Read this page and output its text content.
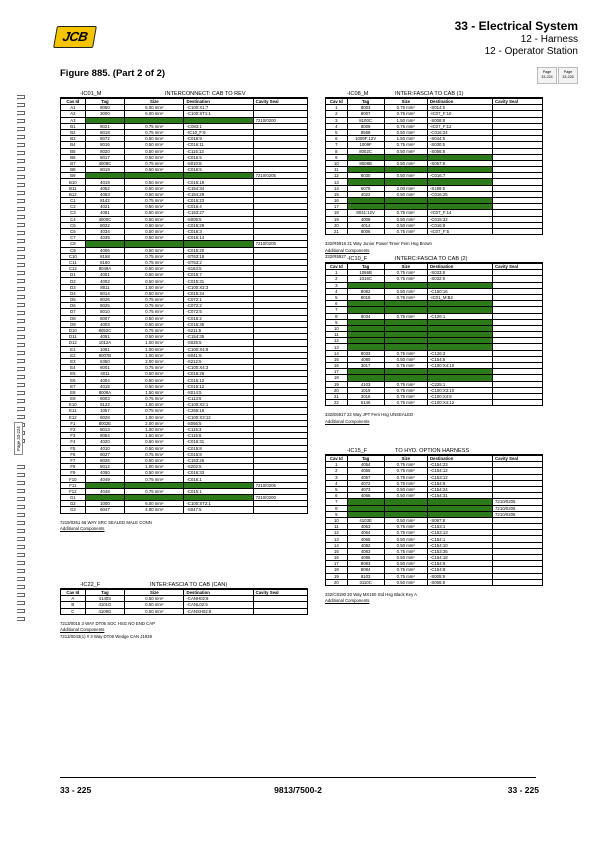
JCB
33 - Electrical System
12 - Harness
12 - Operator Station
Figure 885. (Part 2 of 2)	Page
33-224
Page
33-226
Page 33-224
-IC01_M	INTERCONNECT: CAB TO REV
Cav Id	Tag	Size	Destination	Cavity Seal
A1	8050	6.00 mm²	-C100:X1:7	
A2	3000	6.00 mm²	-C100:ST1:1	
A3				7210/0200
B1	8021	0.75 mm²	-C083:1	
B2	8018	0.75 mm²	-IC10_F:9	
B3	8072	0.50 mm²	-C016:9	
B4	8016	0.50 mm²	-C016:11	
B5	8020	0.50 mm²	-C115:13	
B6	8017	0.50 mm²	-C016:5	
B7	4008C	0.75 mm²	-S010:8	
B8	8019	0.50 mm²	-C016:5	
B9				7210/0205
B10	4019	0.50 mm²	-C016:19	
B11	4052	0.50 mm²	-C154:34	
B12	4053	0.50 mm²	-C154:29	
C1	8142	0.75 mm²	-C016:23	
C2	4021	0.50 mm²	-C016:4	
C3	4081	0.50 mm²	-C153:27	
C4	4000C	0.50 mm²	-S009:5	
C5	8022	0.50 mm²	-C016:29	
C6	4034	0.50 mm²	-C016:3	
C7	4035	0.50 mm²	-C016:14	
C8				7210/0205
C9	4006	0.50 mm²	-C015:20	
C10	8158	0.75 mm²	-ST63:18	
C11	8160	0.75 mm²	-ST63:2	
C12	8049A	0.50 mm²	-S163:5	
D1	4001	0.50 mm²	-C015:7	
D2	4002	0.50 mm²	-C015:31	
D3	8011	1.00 mm²	-C100:X2:3	
D4	8014	0.50 mm²	-C015:24	
D5	8026	0.75 mm²	-C072:1	
D6	8025	0.75 mm²	-C072:2	
D7	8010	0.75 mm²	-C072:5	
D8	8007	0.50 mm²	-C016:2	
D9	4003	0.50 mm²	-C016:35	
D10	8052C	0.75 mm²	-S211:5	
D11	4051	0.50 mm²	-C154:35	
D12	1012A	1.00 mm²	-S025:5	
E1	1061	1.00 mm²	-C100:X4:8	
E2	8007B	1.00 mm²	-S041:8	
E3	6350	2.00 mm²	-S212:5	
E4	8001	0.75 mm²	-C100:X4:3	
E5	4011	0.50 mm²	-C016:26	
E6	4004	0.50 mm²	-C016:12	
E7	4015	0.50 mm²	-C015:12	
E8	8008A	1.50 mm²	-S014:5	
E9	8003	0.75 mm²	-C113:6	
E10	8122	1.00 mm²	-C100:X2:1	
E11	1057	0.75 mm²	-C266:16	
E12	8028	1.00 mm²	-C100:X3:12	
F1	8002E	2.00 mm²	-S056:5	
F2	8013	1.00 mm²	-C115:3	
F3	8054	1.50 mm²	-C115:8	
F4	4020	0.50 mm²	-C016:31	
F5	4010	0.50 mm²	-C015:8	
F6	8027	0.75 mm²	-C015:8	
F7	8026	0.50 mm²	-C153:26	
F8	8012	1.00 mm²	-S202:5	
F9	4050	0.50 mm²	-C016:33	
F10	4049	0.75 mm²	-C016:1	
F11				7210/0205
F12	4048	0.75 mm²	-C015:1	
G1				7210/0200
G2	1000	6.00 mm²	-C100:ST2:1	
G3	6047	4.00 mm²	-S047:5	
7219/0261 66 WAY SRC SEALED MALE CONN
Additional Components
-IC22_F	INTER:FASCIA TO CAB (CAN)
Cav Id	Tag	Size	Destination	Cavity Seal
A	4140S	0.50 mm²	-CANH02:8	
B	4101G	0.50 mm²	-CANL02:5	
C	4109G	0.50 mm²	-CANSH02:8	
7213/0015 3 WAY DT06 SOC HSG NO END CAP
Additional Components
7213/0043(1) # 3 Way DT06 Wedge CAN J1939
-IC08_M	INTER:FASCIA TO CAB (1)
Cav Id	Tag	Size	Destination	Cavity Seal
1	8003	0.75 mm²	-S014:5	
2	8007	0.75 mm²	-IC07_F:10	
3	8100C	1.50 mm²	-S008:8	
4	8009	0.75 mm²	-IC07_F:12	
5	8558	0.50 mm²	-C016:24	
6	1009F:12V	1.50 mm²	-S044:5	
7	1009F	0.75 mm²	-S030:5	
8	8002C	0.50 mm²	-S056:8	
9				
10	8008B	0.50 mm²	-S057:8	
11				
12	8030	0.50 mm²	-C016:7	
13				
14	6075	2.00 mm²	-S199:5	
15	4022	0.50 mm²	-C016:25	
16				
17				
18	8041:12V	0.75 mm²	-IC07_F:14	
19	4008	0.50 mm²	-C015:32	
20	4014	0.50 mm²	-C016:8	
21	8006	0.75 mm²	-IC07_F:5	
332/R5916 21 Way Junior Power Timer Fem Hsg Brown
Additional Components
332/R5927 -IC10_F	INTERC:FASCIA TO CAB (2)
Cav Id	Tag	Size	Destination	Cavity Seal
1	1066B	0.75 mm²	-S033:8	
2	1016C	0.75 mm²	-S032:9	
3				
4	8082	0.50 mm²	-C150:16	
5	8018	0.75 mm²	-IC01_M:B2	
6				
7				
8	8034	0.75 mm²	-C126:1	
9				
10				
11				
12				
13				
14	8033	0.75 mm²	-C126:3	
15	4080	0.50 mm²	-C154:6	
16	3017	0.75 mm²	-C100:X4:10	
17				
18				
19	4103	0.75 mm²	-C225:1	
20	1019	0.75 mm²	-C100:X3:10	
21	3016	0.75 mm²	-C100:X4:8	
22	6146	0.75 mm²	-C100:X4:12	
332/E6917 22 Way JPT Fem Hsg UNSEALED
Additional Components
-IC15_F	TO HYD. OPTION HARNESS
Cav Id	Tag	Size	Destination	Cavity Seal
1	4054	0.75 mm²	-C154:23	
2	4055	0.75 mm²	-C154:12	
3	4057	0.75 mm²	-C153:12	
4	4072	0.75 mm²	-C154:9	
5	4073	0.50 mm²	-C154:24	
6	4066	0.50 mm²	-C154:31	
7				7210/0205
8				7210/0205
9				7210/0205
10	4103E	0.50 mm²	-S087:8	
11	4063	0.75 mm²	-C153:1	
12	4064	0.75 mm²	-C153:13	
13	4065	0.50 mm²	-C154:1	
14	4082	0.50 mm²	-C154:10	
15	4083	0.75 mm²	-C153:35	
16	4085	0.50 mm²	-C154:18	
17	8083	0.50 mm²	-C154:9	
18	8084	0.75 mm²	-C154:8	
19	8103	0.75 mm²	-S005:9	
20	3110C	0.50 mm²	-S066:8	
332/C8190 20 Way MX150 Std Hsg Black Key A
Additional Components
33 - 225	9813/7500-2	33 - 225
